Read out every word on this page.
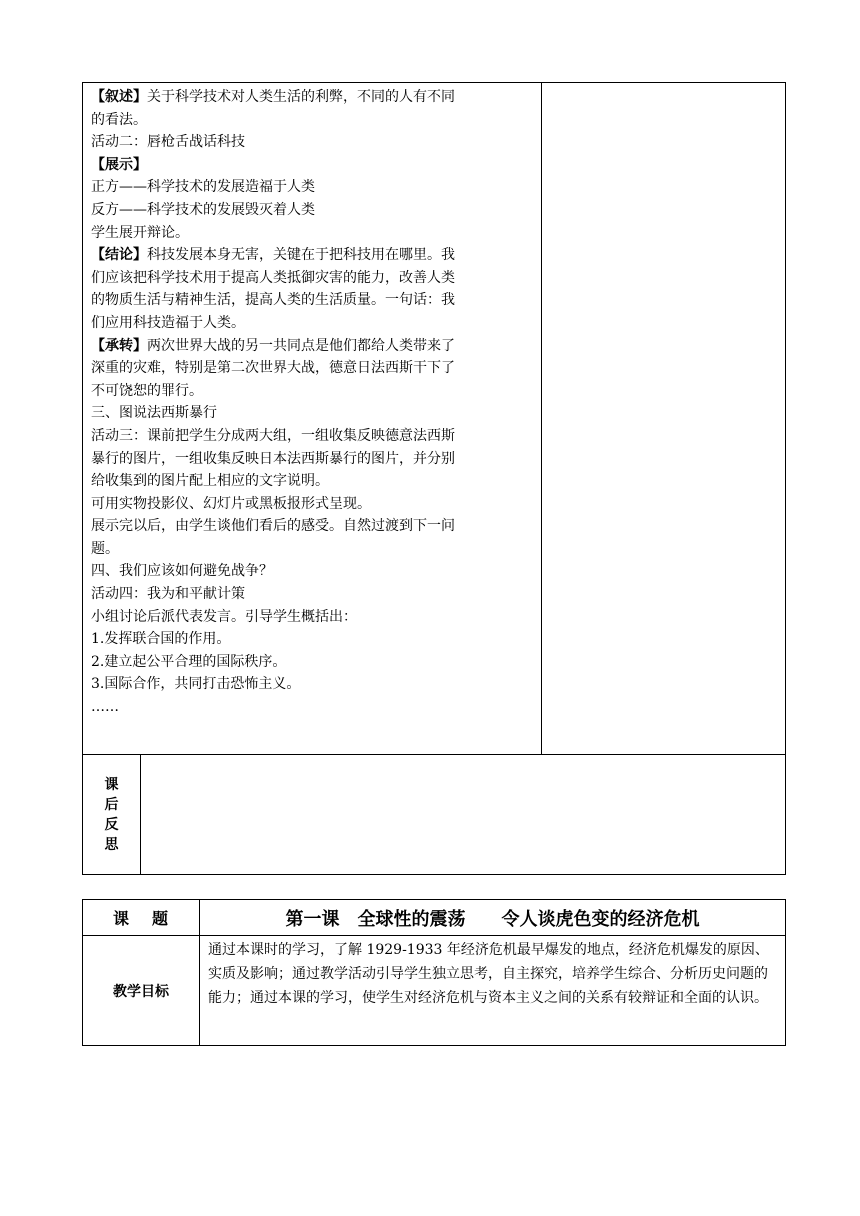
【叙述】关于科学技术对人类生活的利弊，不同的人有不同
的看法。
活动二：唇枪舌战话科技
【展示】
正方——科学技术的发展造福于人类
反方——科学技术的发展毁灭着人类
学生展开辩论。
【结论】科技发展本身无害，关键在于把科技用在哪里。我
们应该把科学技术用于提高人类抵御灾害的能力，改善人类
的物质生活与精神生活，提高人类的生活质量。一句话：我
们应用科技造福于人类。
【承转】两次世界大战的另一共同点是他们都给人类带来了
深重的灾难，特别是第二次世界大战，德意日法西斯干下了
不可饶恕的罪行。
三、图说法西斯暴行
活动三：课前把学生分成两大组，一组收集反映德意法西斯
暴行的图片，一组收集反映日本法西斯暴行的图片，并分别
给收集到的图片配上相应的文字说明。
可用实物投影仪、幻灯片或黑板报形式呈现。
展示完以后，由学生谈他们看后的感受。自然过渡到下一问
题。
四、我们应该如何避免战争？
活动四：我为和平献计策
小组讨论后派代表发言。引导学生概括出：
1.发挥联合国的作用。
2.建立起公平合理的国际秩序。
3.国际合作，共同打击恐怖主义。
……
课
后
反
思
课 题	第一课　全球性的震荡　　令人谈虎色变的经济危机
教学目标
通过本课时的学习，了解 1929-1933 年经济危机最早爆发的地点，经济危机爆发的原因、实质及影响；通过教学活动引导学生独立思考，自主探究，培养学生综合、分析历史问题的能力；通过本课的学习，使学生对经济危机与资本主义之间的关系有较辩证和全面的认识。
